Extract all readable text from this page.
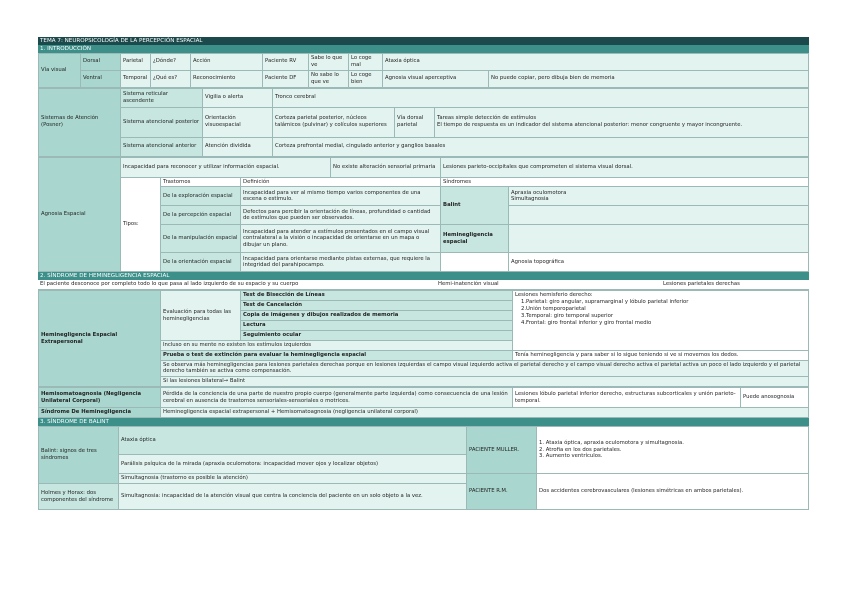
TEMA 7: NEUROPSICOLOGÍA DE LA PERCEPCIÓN ESPACIAL
1. INTRODUCCIÓN
Vía visual	Dorsal	Parietal	¿Dónde?	Acción	Paciente RV	Sabe lo que ve	Lo coge mal	Ataxia óptica	
	Ventral	Temporal	¿Qué es?	Reconocimiento	Paciente DF	No sabe lo que ve	Lo coge bien	Agnosia visual aperceptiva	No puede copiar, pero dibuja bien de memoria
Sistemas de Atención (Posner)	Sistema reticular ascendente	Vigilia o alerta	Tronco cerebral		
	Sistema atencional posterior	Orientación visuoespacial	Corteza parietal posterior, núcleos talámicos (pulvinar) y colículos superiores	Vía dorsal parietal	Tareas simple detección de estímulos
El tiempo de respuesta es un indicador del sistema atencional posterior: menor congruente y mayor incongruente.

	Sistema atencional anterior	Atención dividida	Corteza prefrontal medial, cingulado anterior y ganglios basales		
Agnosia Espacial	Incapacidad para reconocer y utilizar información espacial.			No existe alteración sensorial primaria	Lesiones parieto-occipitales que comprometen el sistema visual dorsal.	
	Tipos:	Trastornos	Definición		Síndromes	
		De la exploración espacial	Incapacidad para ver al mismo tiempo varios componentes de una escena o estímulo.		Balint	Apraxia oculomotora
Simultagnosia

		De la percepción espacial	Defectos para percibir la orientación de líneas, profundidad o cantidad de estímulos que pueden ser observados.			
		De la manipulación espacial	Incapacidad para atender a estímulos presentados en el campo visual contralateral a la visión o incapacidad de orientarse en un mapa o dibujar un plano.		Heminegligencia espacial	
		De la orientación espacial	Incapacidad para orientarse mediante pistas externas, que requiere la integridad del parahipocampo.			Agnosia topográfica
2. SÍNDROME DE HEMINEGLIGENCIA ESPACIAL
El paciente desconoce por completo todo lo que pasa al lado izquierdo de su espacio y su cuerpo	Hemi-inatención visual	Lesiones parietales derechas
Heminegligencia Espacial Extrapersonal	Evaluación para todas las heminegligencias	Test de Bisección de Líneas	Lesiones hemisferio derecho:
1.Parietal: giro angular, supramarginal y lóbulo parietal inferior
2.Unión temporoparietal
3.Temporal: giro temporal superior
4.Frontal: giro frontal inferior y giro frontal medio

		Test de Cancelación	
		Copia de imágenes y dibujos realizados de memoria	
		Lectura	
		Seguimiento ocular	
	Incluso en su mente no existen los estímulos izquierdos		
	Prueba o test de extinción para evaluar la heminegligencia espacial		Tenía heminegligencia y para saber si lo sigue teniendo si ve si movemos los dedos.
	Se observa más heminegligencias para lesiones parietales derechas porque en lesiones izquierdas el campo visual izquierdo activa el parietal derecho y el campo visual derecho activa el parietal activa un poco el lado izquierdo y el parietal derecho también se activa como compensación.		
	Si las lesiones bilateral→ Balint		
Hemisomatoagnosia (Negligencia Unilateral Corporal)	Pérdida de la conciencia de una parte de nuestro propio cuerpo (generalmente parte izquierda) como consecuencia de una lesión cerebral en ausencia de trastornos sensoriales-sensoriales o motrices.	Lesiones lóbulo parietal inferior derecho, estructuras subcorticales y unión parieto-temporal.	Puede anosognosia
Síndrome De Heminegligencia	Heminegligencia espacial extrapersonal + Hemisomatoagnosia (negligencia unilateral corporal)		
3. SÍNDROME DE BALINT
Balint: signos de tres síndromes	Ataxia óptica	PACIENTE MULLER.	1. Ataxia óptica, apraxia oculomotora y simultagnosia.
2. Atrofia en los dos parietales.
3. Aumento ventrículos.

	Parálisis psíquica de la mirada (apraxia oculomotora: incapacidad mover ojos y localizar objetos)		
	Simultagnosia (trastorno es posible la atención)	PACIENTE R.M.	Dos accidentes cerebrovasculares (lesiones simétricas en ambos parietales).
Holmes y Horax: dos componentes del síndrome	Simultagnosia: incapacidad de la atención visual que centra la conciencia del paciente en un solo objeto a la vez.		
